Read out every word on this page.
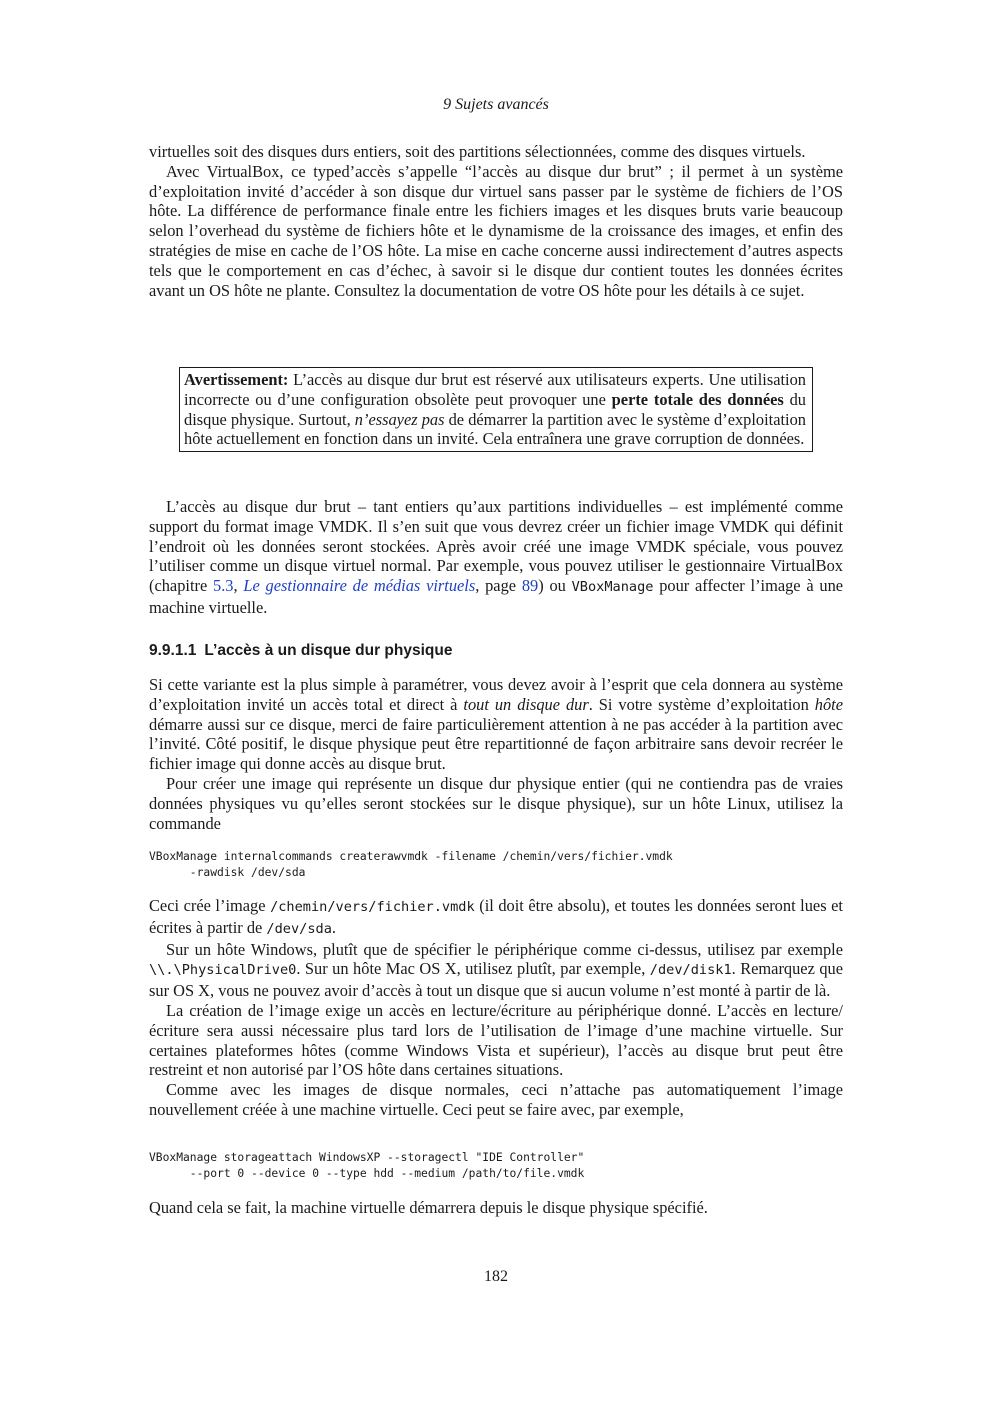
9 Sujets avancés

virtuelles soit des disques durs entiers, soit des partitions sélectionnées, comme des disques virtuels.

Avec VirtualBox, ce typed’accès s’appelle “l’accès au disque dur brut” ; il permet à un système d’exploitation invité d’accéder à son disque dur virtuel sans passer par le système de fichiers de l’OS hôte. La différence de performance finale entre les fichiers images et les disques bruts varie beaucoup selon l’overhead du système de fichiers hôte et le dynamisme de la croissance des images, et enfin des stratégies de mise en cache de l’OS hôte. La mise en cache concerne aussi indirectement d’autres aspects tels que le comportement en cas d’échec, à savoir si le disque dur contient toutes les données écrites avant un OS hôte ne plante. Consultez la documentation de votre OS hôte pour les détails à ce sujet.

Avertissement: L’accès au disque dur brut est réservé aux utilisateurs experts. Une utilisation incorrecte ou d’une configuration obsolète peut provoquer une perte totale des données du disque physique. Surtout, n’essayez pas de démarrer la partition avec le système d’exploitation hôte actuellement en fonction dans un invité. Cela entraînera une grave corruption de données.

L’accès au disque dur brut – tant entiers qu’aux partitions individuelles – est implémenté comme support du format image VMDK. Il s’en suit que vous devrez créer un fichier image VMDK qui définit l’endroit où les données seront stockées. Après avoir créé une image VMDK spéciale, vous pouvez l’utiliser comme un disque virtuel normal. Par exemple, vous pouvez utiliser le gestionnaire VirtualBox (chapitre 5.3, Le gestionnaire de médias virtuels, page 89) ou VBoxManage pour affecter l’image à une machine virtuelle.

9.9.1.1 L’accès à un disque dur physique

Si cette variante est la plus simple à paramétrer, vous devez avoir à l’esprit que cela donnera au système d’exploitation invité un accès total et direct à tout un disque dur. Si votre système d’exploitation hôte démarre aussi sur ce disque, merci de faire particulièrement attention à ne pas accéder à la partition avec l’invité. Côté positif, le disque physique peut être repartitionné de façon arbitraire sans devoir recréer le fichier image qui donne accès au disque brut.

Pour créer une image qui représente un disque dur physique entier (qui ne contiendra pas de vraies données physiques vu qu’elles seront stockées sur le disque physique), sur un hôte Linux, utilisez la commande

VBoxManage internalcommands createrawvmdk -filename /chemin/vers/fichier.vmdk
-rawdisk /dev/sda

Ceci crée l’image /chemin/vers/fichier.vmdk (il doit être absolu), et toutes les données seront lues et écrites à partir de /dev/sda.

Sur un hôte Windows, plutît que de spécifier le périphérique comme ci-dessus, utilisez par exemple \\.\PhysicalDrive0. Sur un hôte Mac OS X, utilisez plutît, par exemple, /dev/disk1. Remarquez que sur OS X, vous ne pouvez avoir d’accès à tout un disque que si aucun volume n’est monté à partir de là.

La création de l’image exige un accès en lecture/écriture au périphérique donné. L’accès en lecture/écriture sera aussi nécessaire plus tard lors de l’utilisation de l’image d’une machine virtuelle. Sur certaines plateformes hôtes (comme Windows Vista et supérieur), l’accès au disque brut peut être restreint et non autorisé par l’OS hôte dans certaines situations.

Comme avec les images de disque normales, ceci n’attache pas automatiquement l’image nouvellement créée à une machine virtuelle. Ceci peut se faire avec, par exemple,

VBoxManage storageattach WindowsXP --storagectl "IDE Controller"
--port 0 --device 0 --type hdd --medium /path/to/file.vmdk

Quand cela se fait, la machine virtuelle démarrera depuis le disque physique spécifié.

182
